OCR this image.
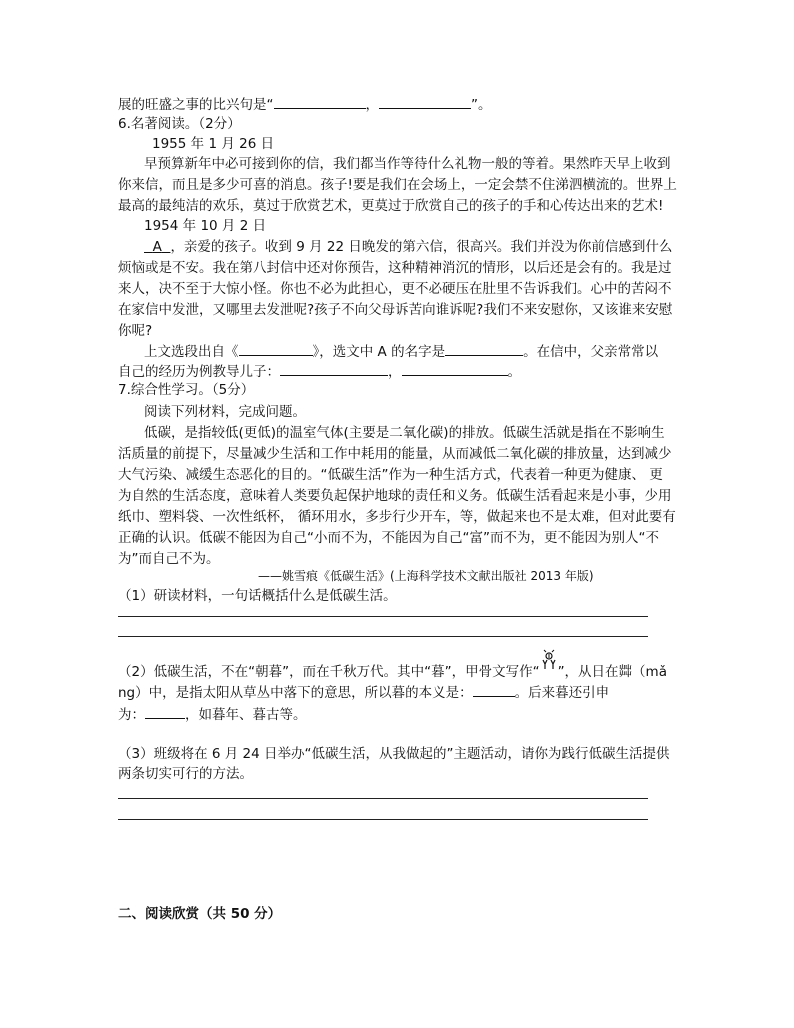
展的旺盛之事的比兴句是“	，	”。
6.名著阅读。（2分）
1955 年 1 月 26 日
早预算新年中必可接到你的信，我们都当作等待什么礼物一般的等着。果然昨天早上收到
你来信，而且是多少可喜的消息。孩子!要是我们在会场上，一定会禁不住涕泗横流的。世界上
最高的最纯洁的欢乐，莫过于欣赏艺术，更莫过于欣赏自己的孩子的手和心传达出来的艺术!
1954 年 10 月 2 日
A ，亲爱的孩子。收到 9 月 22 日晚发的第六信，很高兴。我们并没为你前信感到什么
烦恼或是不安。我在第八封信中还对你预告，这种精神消沉的情形，以后还是会有的。我是过
来人，决不至于大惊小怪。你也不必为此担心，更不必硬压在肚里不告诉我们。心中的苦闷不
在家信中发泄，又哪里去发泄呢?孩子不向父母诉苦向谁诉呢?我们不来安慰你，又该谁来安慰
你呢?
上文选段出自《	》，选文中 A 的名字是	。在信中，父亲常常以
自己的经历为例教导儿子：	，	。
7.综合性学习。（5分）
阅读下列材料，完成问题。
低碳，是指较低(更低)的温室气体(主要是二氧化碳)的排放。低碳生活就是指在不影响生
活质量的前提下，尽量减少生活和工作中耗用的能量，从而减低二氧化碳的排放量，达到减少
大气污染、减缓生态恶化的目的。“低碳生活”作为一种生活方式，代表着一种更为健康、 更
为自然的生活态度，意味着人类要负起保护地球的责任和义务。低碳生活看起来是小事，少用
纸巾、塑料袋、一次性纸杯， 循环用水，多步行少开车，等，做起来也不是太难，但对此要有
正确的认识。低碳不能因为自己“小而不为，不能因为自己“富”而不为，更不能因为别人“不
为”而自己不为。
——姚雪痕《低碳生活》(上海科学技术文献出版社 2013 年版)
（1）研读材料，一句话概括什么是低碳生活。
（2）低碳生活，不在“朝暮”，而在千秋万代。其中“暮”，甲骨文写作“ ”，从日在茻（mǎ
ng）中，是指太阳从草丛中落下的意思，所以暮的本义是：	。后来暮还引申
为：	，如暮年、暮古等。
（3）班级将在 6 月 24 日举办“低碳生活，从我做起的”主题活动，请你为践行低碳生活提供
两条切实可行的方法。
二、阅读欣赏（共 50 分）
